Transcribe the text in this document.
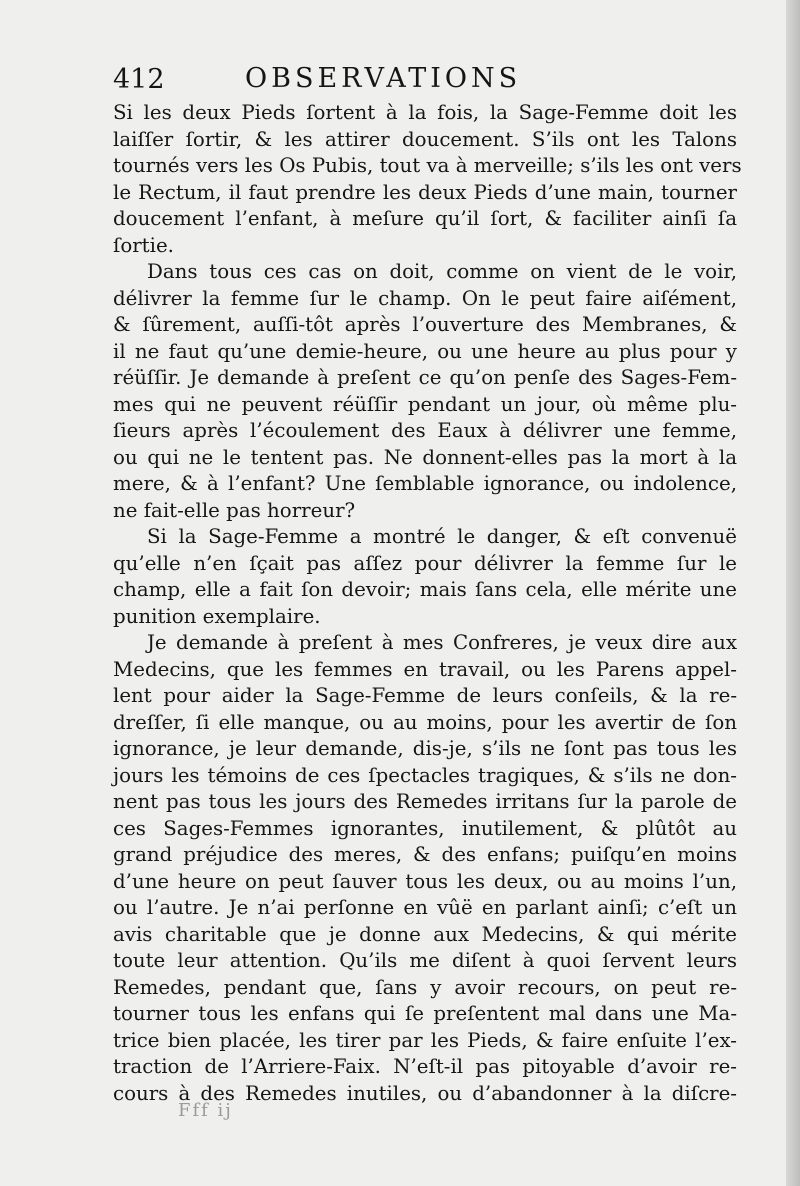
412	OBSERVATIONS
Si les deux Pieds ſortent à la fois, la Sage-Femme doit les
laiſſer ſortir, & les attirer doucement. S’ils ont les Talons
tournés vers les Os Pubis, tout va à merveille; s’ils les ont vers
le Rectum, il faut prendre les deux Pieds d’une main, tourner
doucement l’enfant, à meſure qu’il ſort, & faciliter ainſi ſa
ſortie.
Dans tous ces cas on doit, comme on vient de le voir,
délivrer la femme ſur le champ. On le peut faire aiſément,
& ſûrement, auſſi-tôt après l’ouverture des Membranes, &
il ne faut qu’une demie-heure, ou une heure au plus pour y
réüſſir. Je demande à preſent ce qu’on penſe des Sages-Fem-
mes qui ne peuvent réüſſir pendant un jour, où même plu-
ſieurs après l’écoulement des Eaux à délivrer une femme,
ou qui ne le tentent pas. Ne donnent-elles pas la mort à la
mere, & à l’enfant? Une ſemblable ignorance, ou indolence,
ne fait-elle pas horreur?
Si la Sage-Femme a montré le danger, & eſt convenuë
qu’elle n’en ſçait pas aſſez pour délivrer la femme ſur le
champ, elle a fait ſon devoir; mais ſans cela, elle mérite une
punition exemplaire.
Je demande à preſent à mes Confreres, je veux dire aux
Medecins, que les femmes en travail, ou les Parens appel-
lent pour aider la Sage-Femme de leurs conſeils, & la re-
dreſſer, ſi elle manque, ou au moins, pour les avertir de ſon
ignorance, je leur demande, dis-je, s’ils ne ſont pas tous les
jours les témoins de ces ſpectacles tragiques, & s’ils ne don-
nent pas tous les jours des Remedes irritans ſur la parole de
ces Sages-Femmes ignorantes, inutilement, & plûtôt au
grand préjudice des meres, & des enfans; puiſqu’en moins
d’une heure on peut ſauver tous les deux, ou au moins l’un,
ou l’autre. Je n’ai perſonne en vûë en parlant ainſi; c’eſt un
avis charitable que je donne aux Medecins, & qui mérite
toute leur attention. Qu’ils me diſent à quoi ſervent leurs
Remedes, pendant que, ſans y avoir recours, on peut re-
tourner tous les enfans qui ſe preſentent mal dans une Ma-
trice bien placée, les tirer par les Pieds, & faire enſuite l’ex-
traction de l’Arriere-Faix. N’eſt-il pas pitoyable d’avoir re-
cours à des Remedes inutiles, ou d’abandonner à la diſcre-
Fff ij
